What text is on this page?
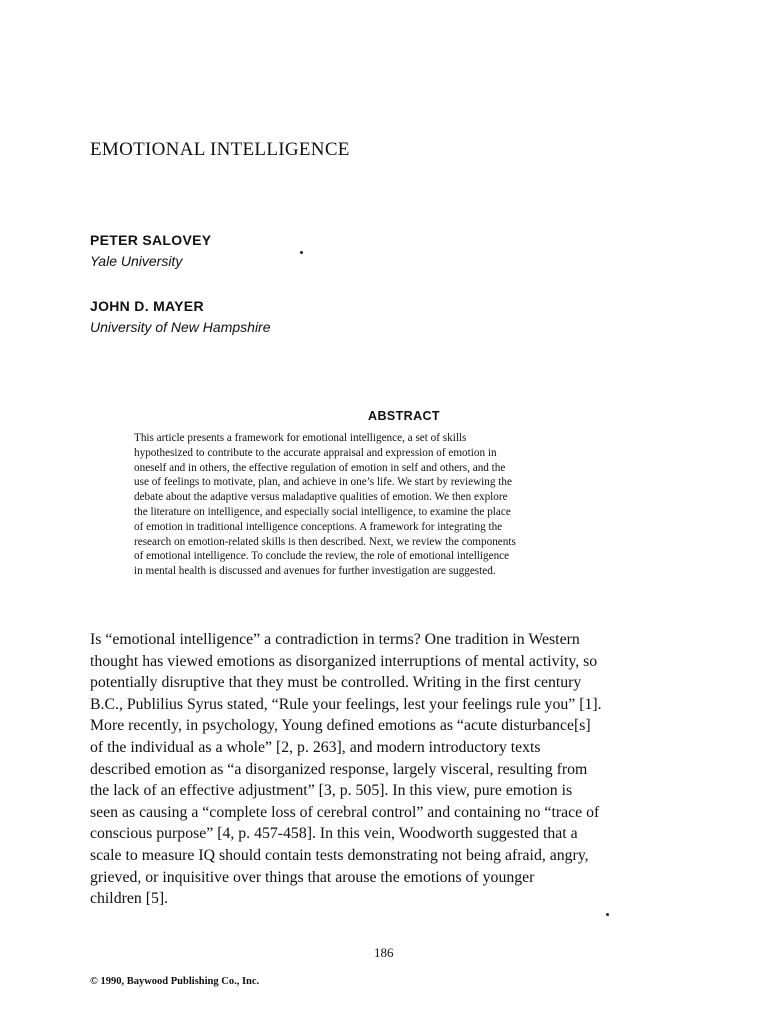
EMOTIONAL INTELLIGENCE
PETER SALOVEY
Yale University
JOHN D. MAYER
University of New Hampshire
ABSTRACT
This article presents a framework for emotional intelligence, a set of skills
hypothesized to contribute to the accurate appraisal and expression of emotion in
oneself and in others, the effective regulation of emotion in self and others, and the
use of feelings to motivate, plan, and achieve in one’s life. We start by reviewing the
debate about the adaptive versus maladaptive qualities of emotion. We then explore
the literature on intelligence, and especially social intelligence, to examine the place
of emotion in traditional intelligence conceptions. A framework for integrating the
research on emotion-related skills is then described. Next, we review the components
of emotional intelligence. To conclude the review, the role of emotional intelligence
in mental health is discussed and avenues for further investigation are suggested.
Is “emotional intelligence” a contradiction in terms? One tradition in Western
thought has viewed emotions as disorganized interruptions of mental activity, so
potentially disruptive that they must be controlled. Writing in the first century
B.C., Publilius Syrus stated, “Rule your feelings, lest your feelings rule you” [1].
More recently, in psychology, Young defined emotions as “acute disturbance[s]
of the individual as a whole” [2, p. 263], and modern introductory texts
described emotion as “a disorganized response, largely visceral, resulting from
the lack of an effective adjustment” [3, p. 505]. In this view, pure emotion is
seen as causing a “complete loss of cerebral control” and containing no “trace of
conscious purpose” [4, p. 457-458]. In this vein, Woodworth suggested that a
scale to measure IQ should contain tests demonstrating not being afraid, angry,
grieved, or inquisitive over things that arouse the emotions of younger
children [5].
186
© 1990, Baywood Publishing Co., Inc.
